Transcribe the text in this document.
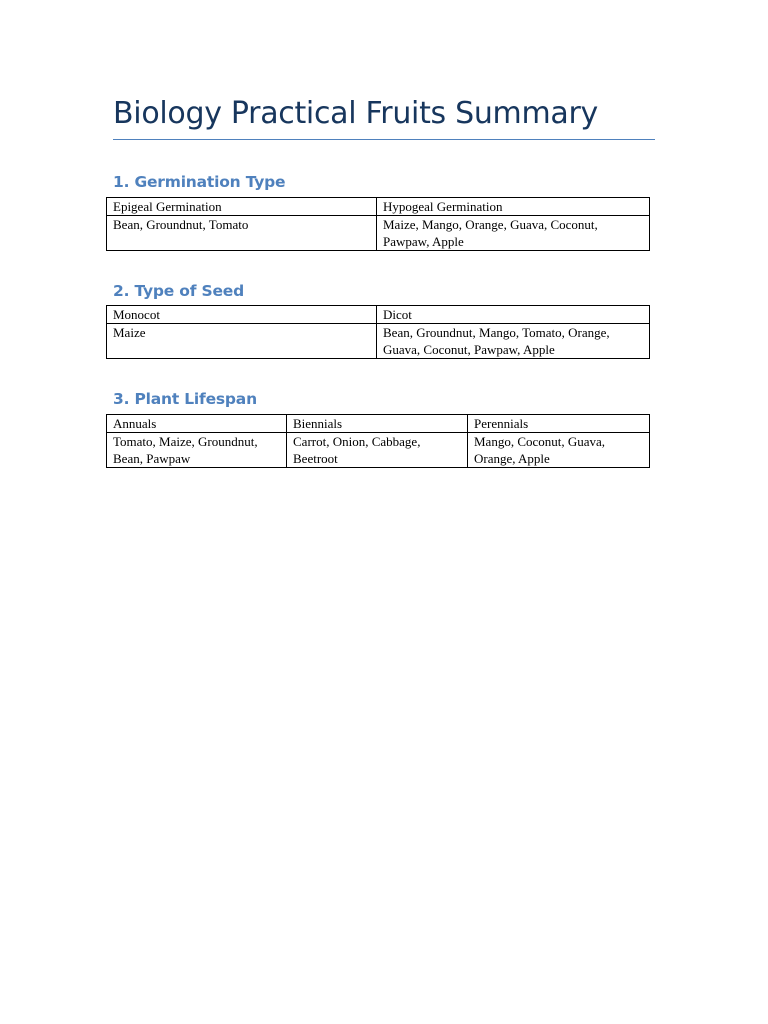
Biology Practical Fruits Summary
1. Germination Type
Epigeal Germination	Hypogeal Germination
Bean, Groundnut, Tomato	Maize, Mango, Orange, Guava, Coconut, Pawpaw, Apple
2. Type of Seed
Monocot	Dicot
Maize	Bean, Groundnut, Mango, Tomato, Orange, Guava, Coconut, Pawpaw, Apple
3. Plant Lifespan
Annuals	Biennials	Perennials
Tomato, Maize, Groundnut, Bean, Pawpaw	Carrot, Onion, Cabbage, Beetroot	Mango, Coconut, Guava, Orange, Apple
